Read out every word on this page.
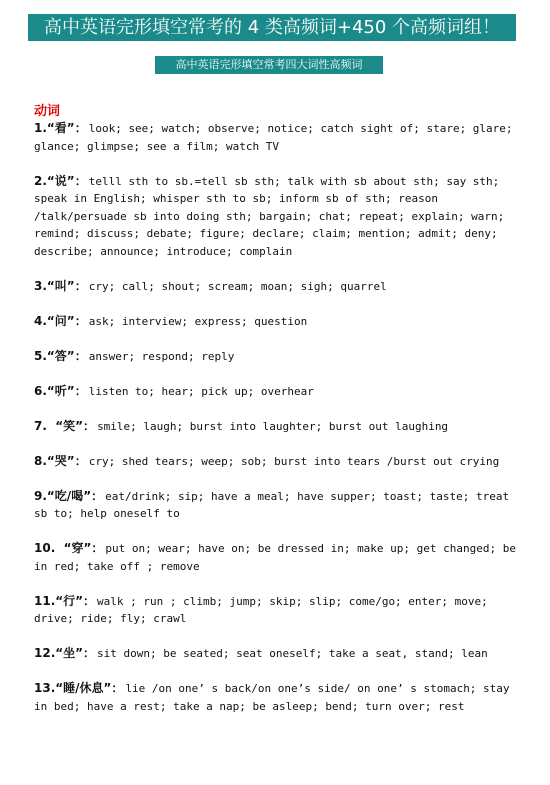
高中英语完形填空常考的 4 类高频词+450 个高频词组！
高中英语完形填空常考四大词性高频词
动词
1.“看”： look; see; watch; observe; notice; catch sight of; stare; glare; glance; glimpse; see a film; watch TV
2.“说”： telll sth to sb.=tell sb sth; talk with sb about sth; say sth; speak in English; whisper sth to sb; inform sb of sth; reason /talk/persuade sb into doing sth; bargain; chat; repeat; explain; warn; remind; discuss; debate; figure; declare; claim; mention; admit; deny; describe; announce; introduce; complain
3.“叫”： cry; call; shout; scream; moan; sigh; quarrel
4.“问”： ask; interview; express; question
5.“答”： answer; respond; reply
6.“听”： listen to; hear; pick up; overhear
7.  “笑”： smile; laugh; burst into laughter; burst out laughing
8.“哭”： cry; shed tears; weep; sob; burst into tears /burst out crying
9.“吃/喝”： eat/drink; sip; have a meal; have supper; toast; taste; treat sb to; help oneself to
10.  “穿”： put on; wear; have on; be dressed in; make up; get changed; be in red; take off ; remove
11.“行”： walk ; run ; climb; jump; skip; slip; come/go; enter; move; drive; ride; fly; crawl
12.“坐”： sit down; be seated; seat oneself; take a seat, stand; lean
13.“睡/休息”： lie /on one’ s back/on one’s side/ on one’ s stomach; stay in bed; have a rest; take a nap; be asleep; bend; turn over; rest
